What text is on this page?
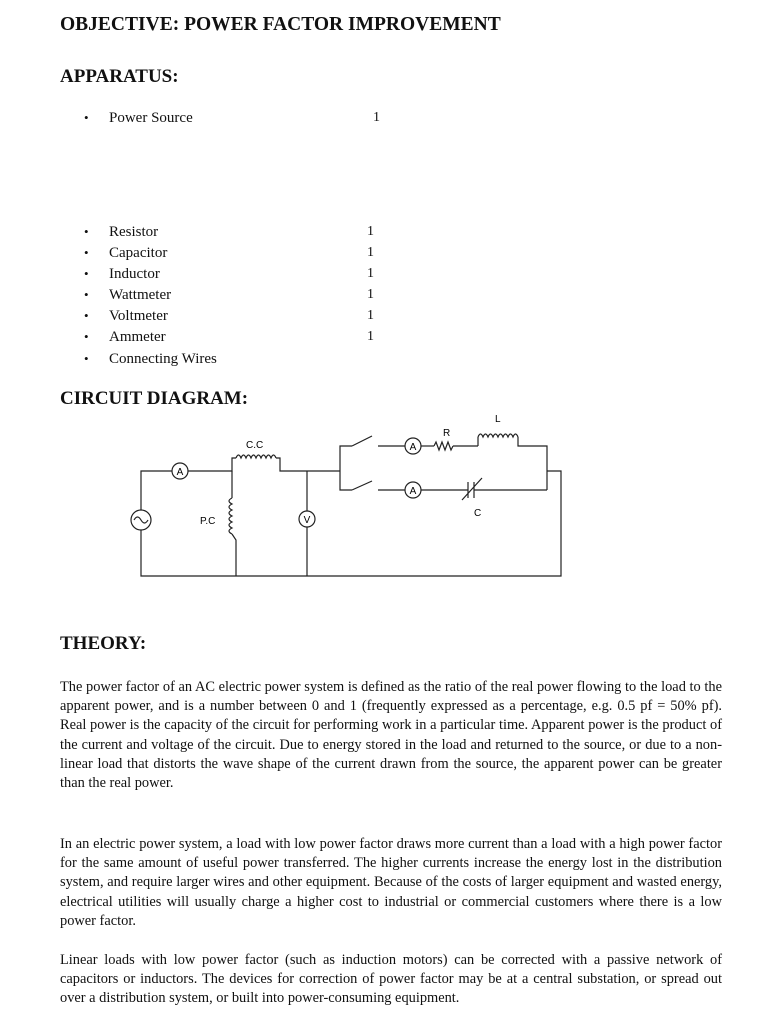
OBJECTIVE: POWER FACTOR IMPROVEMENT
APPARATUS:
• Power Source	1
• Resistor	1
• Capacitor	1
• Inductor	1
• Wattmeter	1
• Voltmeter	1
• Ammeter	1
• Connecting Wires
CIRCUIT DIAGRAM:
A
V
A
A
C.C
P.C
R
L
C
THEORY:

The power factor of an AC electric power system is defined as the ratio of the real power flowing to the load to the apparent power, and is a number between 0 and 1 (frequently expressed as a percentage, e.g. 0.5 pf = 50% pf). Real power is the capacity of the circuit for performing work in a particular time. Apparent power is the product of the current and voltage of the circuit. Due to energy stored in the load and returned to the source, or due to a non-linear load that distorts the wave shape of the current drawn from the source, the apparent power can be greater than the real power.

In an electric power system, a load with low power factor draws more current than a load with a high power factor for the same amount of useful power transferred. The higher currents increase the energy lost in the distribution system, and require larger wires and other equipment. Because of the costs of larger equipment and wasted energy, electrical utilities will usually charge a higher cost to industrial or commercial customers where there is a low power factor.

Linear loads with low power factor (such as induction motors) can be corrected with a passive network of capacitors or inductors. The devices for correction of power factor may be at a central substation, or spread out over a distribution system, or built into power-consuming equipment.
